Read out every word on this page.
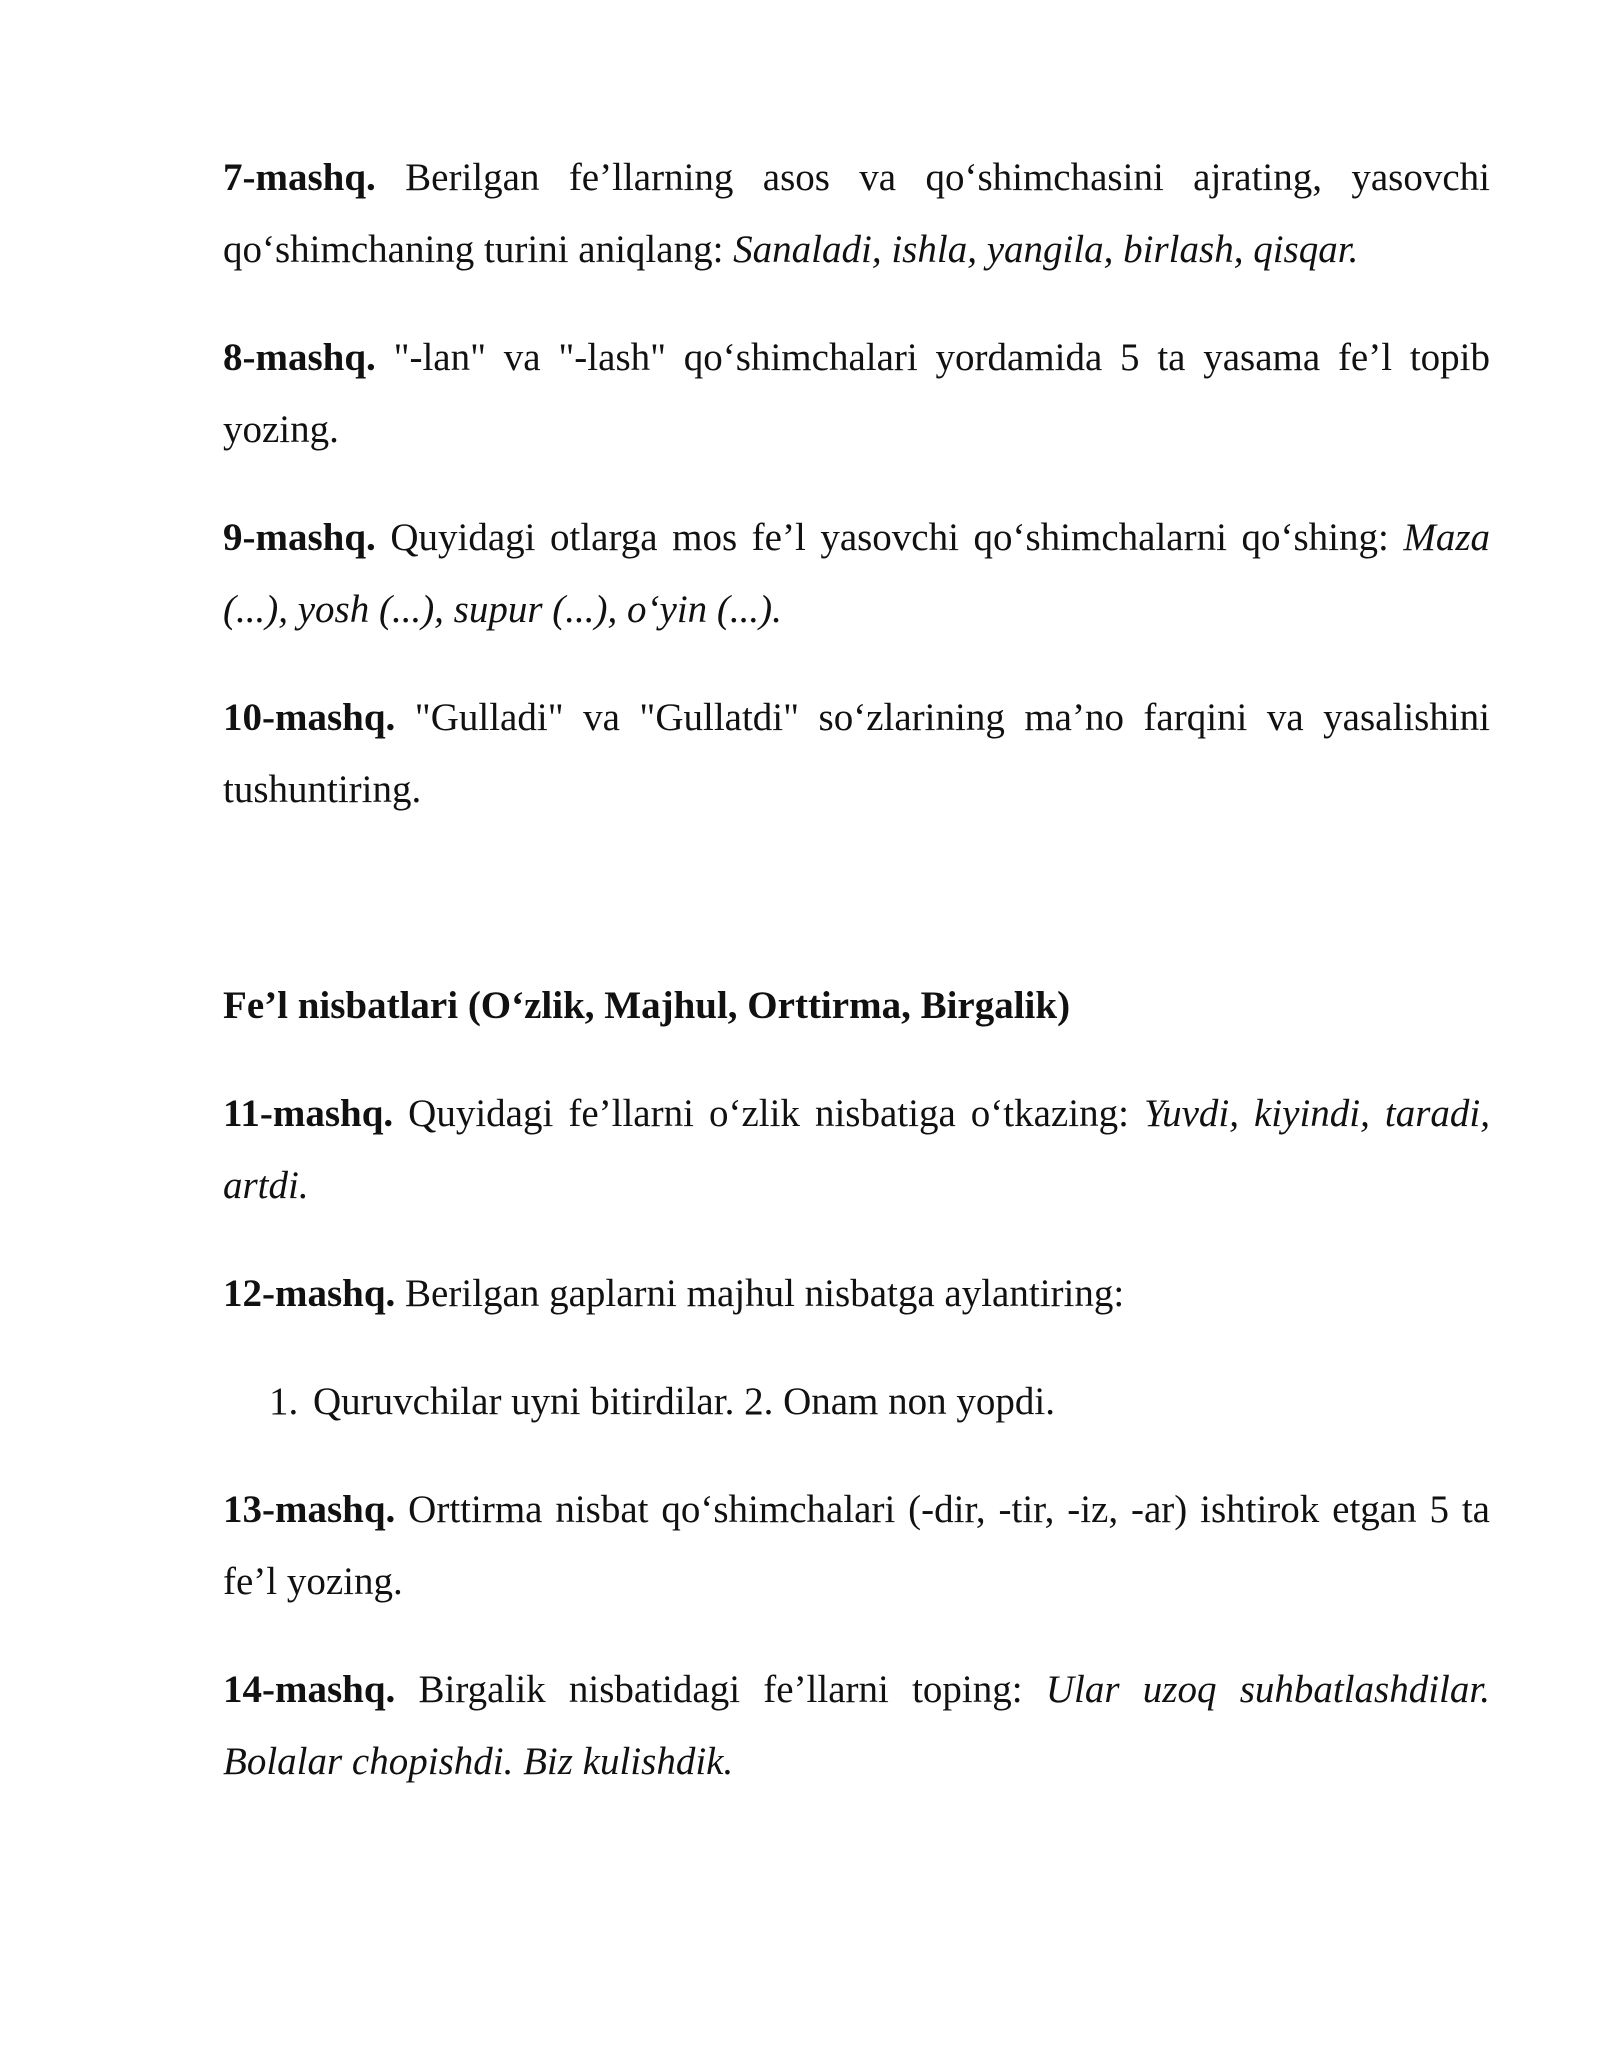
7-mashq. Berilgan fe’llarning asos va qo‘shimchasini ajrating, yasovchi qo‘shimchaning turini aniqlang: Sanaladi, ishla, yangila, birlash, qisqar.

8-mashq. "-lan" va "-lash" qo‘shimchalari yordamida 5 ta yasama fe’l topib yozing.

9-mashq. Quyidagi otlarga mos fe’l yasovchi qo‘shimchalarni qo‘shing: Maza (...), yosh (...), supur (...), o‘yin (...).

10-mashq. "Gulladi" va "Gullatdi" so‘zlarining ma’no farqini va yasalishini tushuntiring.

Fe’l nisbatlari (O‘zlik, Majhul, Orttirma, Birgalik)

11-mashq. Quyidagi fe’llarni o‘zlik nisbatiga o‘tkazing: Yuvdi, kiyindi, taradi, artdi.

12-mashq. Berilgan gaplarni majhul nisbatga aylantiring:

1. Quruvchilar uyni bitirdilar. 2. Onam non yopdi.

13-mashq. Orttirma nisbat qo‘shimchalari (-dir, -tir, -iz, -ar) ishtirok etgan 5 ta fe’l yozing.

14-mashq. Birgalik nisbatidagi fe’llarni toping: Ular uzoq suhbatlashdilar. Bolalar chopishdi. Biz kulishdik.
